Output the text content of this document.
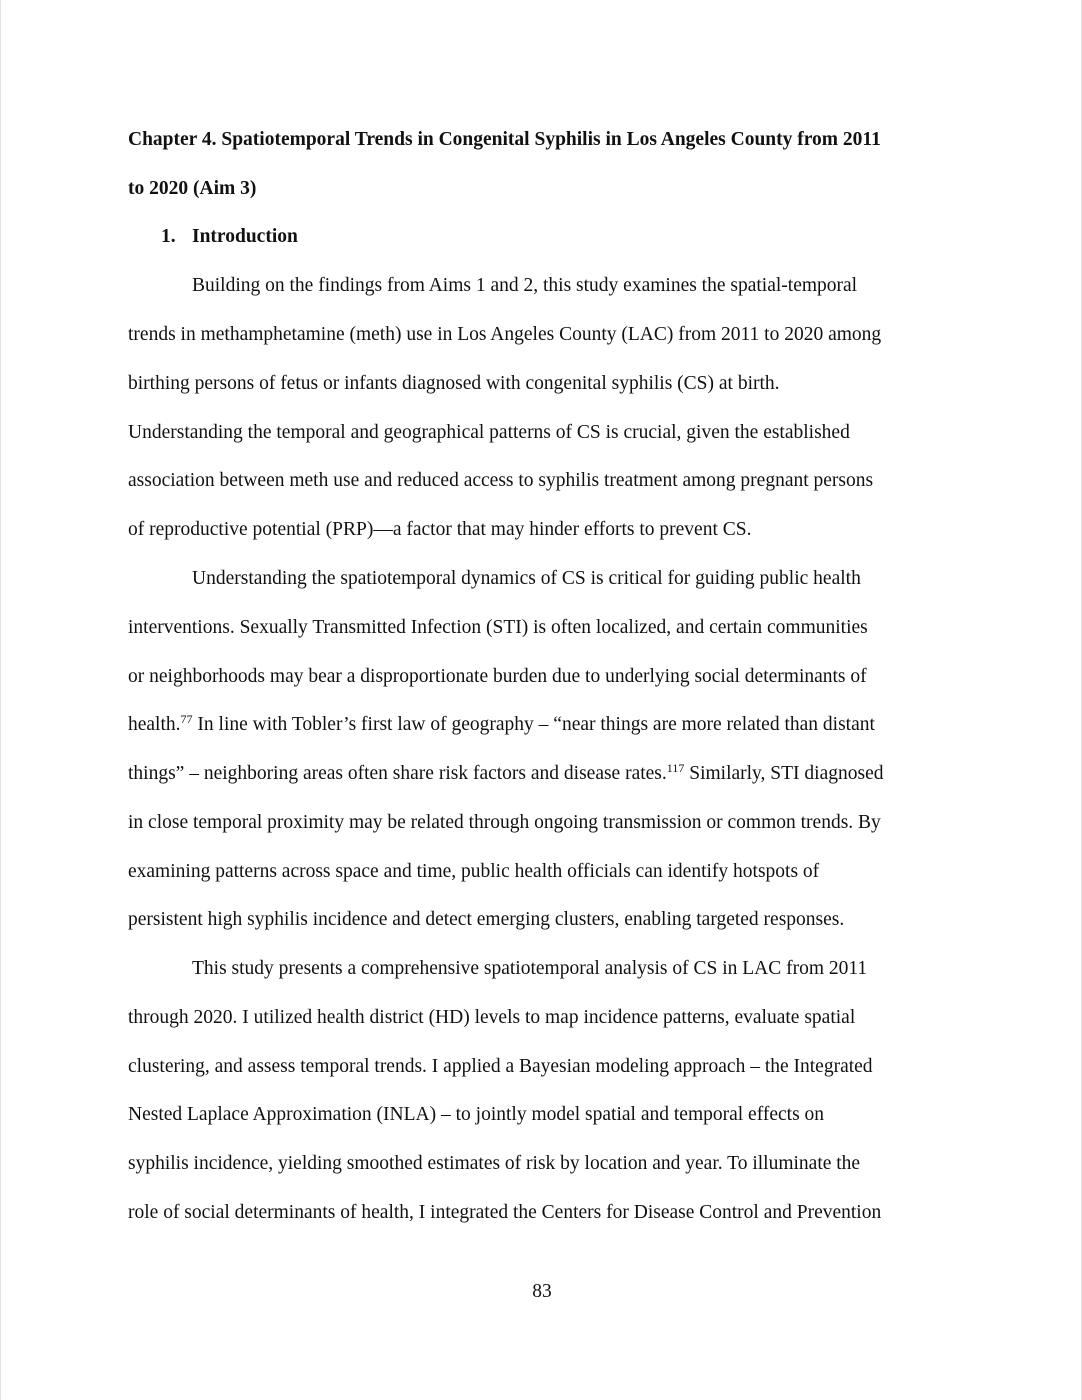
Chapter 4. Spatiotemporal Trends in Congenital Syphilis in Los Angeles County from 2011
to 2020 (Aim 3)
1. Introduction
Building on the findings from Aims 1 and 2, this study examines the spatial-temporal
trends in methamphetamine (meth) use in Los Angeles County (LAC) from 2011 to 2020 among
birthing persons of fetus or infants diagnosed with congenital syphilis (CS) at birth.
Understanding the temporal and geographical patterns of CS is crucial, given the established
association between meth use and reduced access to syphilis treatment among pregnant persons
of reproductive potential (PRP)—a factor that may hinder efforts to prevent CS.
Understanding the spatiotemporal dynamics of CS is critical for guiding public health
interventions. Sexually Transmitted Infection (STI) is often localized, and certain communities
or neighborhoods may bear a disproportionate burden due to underlying social determinants of
health.$^{77}$ In line with Tobler’s first law of geography – “near things are more related than distant
things” – neighboring areas often share risk factors and disease rates.$^{117}$ Similarly, STI diagnosed
in close temporal proximity may be related through ongoing transmission or common trends. By
examining patterns across space and time, public health officials can identify hotspots of
persistent high syphilis incidence and detect emerging clusters, enabling targeted responses.
This study presents a comprehensive spatiotemporal analysis of CS in LAC from 2011
through 2020. I utilized health district (HD) levels to map incidence patterns, evaluate spatial
clustering, and assess temporal trends. I applied a Bayesian modeling approach – the Integrated
Nested Laplace Approximation (INLA) – to jointly model spatial and temporal effects on
syphilis incidence, yielding smoothed estimates of risk by location and year. To illuminate the
role of social determinants of health, I integrated the Centers for Disease Control and Prevention
83
